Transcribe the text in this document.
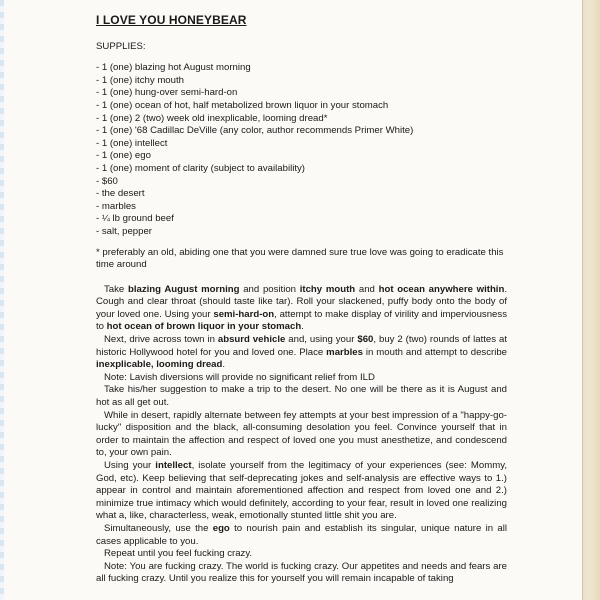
I LOVE YOU HONEYBEAR
SUPPLIES:
- 1 (one) blazing hot August morning
- 1 (one) itchy mouth
- 1 (one) hung-over semi-hard-on
- 1 (one) ocean of hot, half metabolized brown liquor in your stomach
- 1 (one) 2 (two) week old inexplicable, looming dread*
- 1 (one) '68 Cadillac DeVille (any color, author recommends Primer White)
- 1 (one) intellect
- 1 (one) ego
- 1 (one) moment of clarity (subject to availability)
- $60
- the desert
- marbles
- ¼ lb ground beef
- salt, pepper
* preferably an old, abiding one that you were damned sure true love was going to eradicate this time around

Take blazing August morning and position itchy mouth and hot ocean anywhere within. Cough and clear throat (should taste like tar). Roll your slackened, puffy body onto the body of your loved one. Using your semi-hard-on, attempt to make display of virility and imperviousness to hot ocean of brown liquor in your stomach.

Next, drive across town in absurd vehicle and, using your $60, buy 2 (two) rounds of lattes at historic Hollywood hotel for you and loved one. Place marbles in mouth and attempt to describe inexplicable, looming dread.

Note: Lavish diversions will provide no significant relief from ILD

Take his/her suggestion to make a trip to the desert. No one will be there as it is August and hot as all get out.

While in desert, rapidly alternate between fey attempts at your best impression of a "happy-go-lucky" disposition and the black, all-consuming desolation you feel. Convince yourself that in order to maintain the affection and respect of loved one you must anesthetize, and condescend to, your own pain.

Using your intellect, isolate yourself from the legitimacy of your experiences (see: Mommy, God, etc). Keep believing that self-deprecating jokes and self-analysis are effective ways to 1.) appear in control and maintain aforementioned affection and respect from loved one and 2.) minimize true intimacy which would definitely, according to your fear, result in loved one realizing what a, like, characterless, weak, emotionally stunted little shit you are.

Simultaneously, use the ego to nourish pain and establish its singular, unique nature in all cases applicable to you.

Repeat until you feel fucking crazy.

Note: You are fucking crazy. The world is fucking crazy. Our appetites and needs and fears are all fucking crazy. Until you realize this for yourself you will remain incapable of taking
